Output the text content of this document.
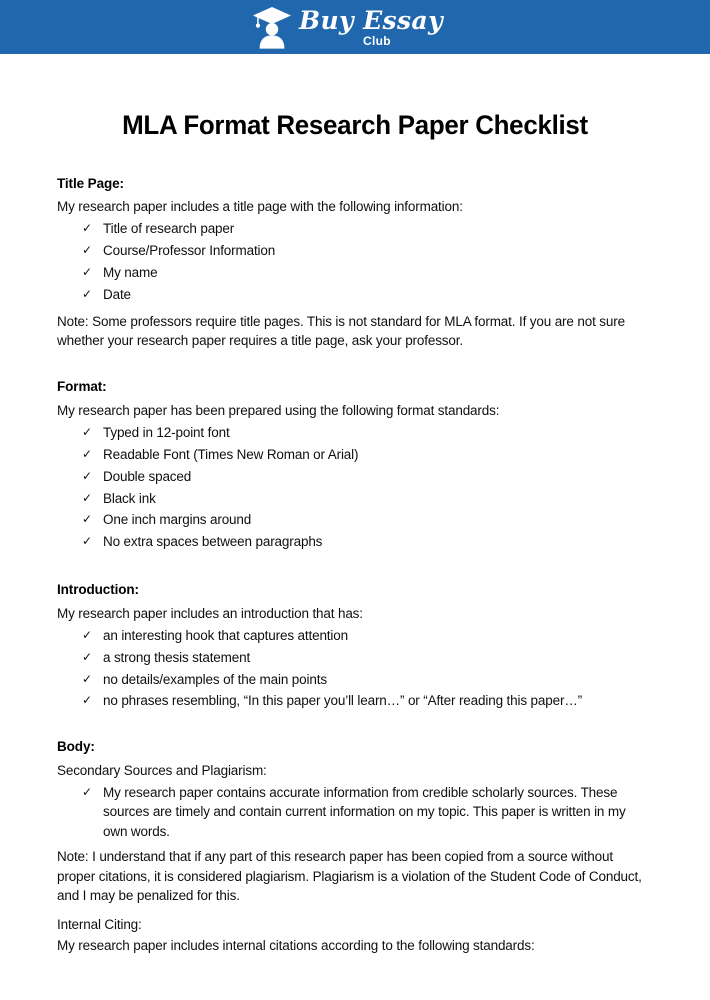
Buy Essay
Club
MLA Format Research Paper Checklist
Title Page:

My research paper includes a title page with the following information:

✓ Title of research paper
✓ Course/Professor Information
✓ My name
✓ Date

Note: Some professors require title pages. This is not standard for MLA format. If you are not sure whether your research paper requires a title page, ask your professor.

Format:

My research paper has been prepared using the following format standards:

✓ Typed in 12-point font
✓ Readable Font (Times New Roman or Arial)
✓ Double spaced
✓ Black ink
✓ One inch margins around
✓ No extra spaces between paragraphs
Introduction:

My research paper includes an introduction that has:

✓ an interesting hook that captures attention
✓ a strong thesis statement
✓ no details/examples of the main points
✓ no phrases resembling, “In this paper you’ll learn…” or “After reading this paper…”
Body:

Secondary Sources and Plagiarism:

✓ My research paper contains accurate information from credible scholarly sources. These sources are timely and contain current information on my topic. This paper is written in my own words.

Note: I understand that if any part of this research paper has been copied from a source without proper citations, it is considered plagiarism. Plagiarism is a violation of the Student Code of Conduct, and I may be penalized for this.

Internal Citing:

My research paper includes internal citations according to the following standards:
